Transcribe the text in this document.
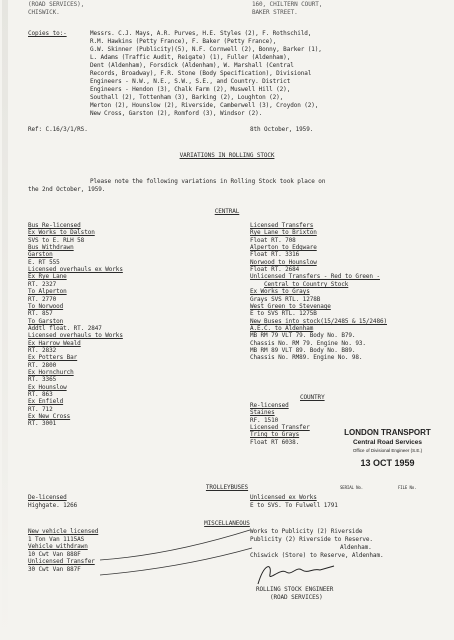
(ROAD SERVICES),
CHISWICK.
160, CHILTERN COURT,
BAKER STREET.
Copies to:-	Messrs. C.J. Mays, A.R. Purves, H.E. Styles (2), F. Rothschild,
R.M. Hawkins (Petty France), F. Baker (Petty France),
G.W. Skinner (Publicity)(5), N.F. Cornwell (2), Bonny, Barker (1),
L. Adams (Traffic Audit, Reigate) (1), Fuller (Aldenham),
Dent (Aldenham), Forsdick (Aldenham), W. Marshall (Central
Records, Broadway), F.R. Stone (Body Specification), Divisional
Engineers - N.W., N.E., S.W., S.E., and Country. District
Engineers - Hendon (3), Chalk Farm (2), Muswell Hill (2),
Southall (2), Tottenham (3), Barking (2), Loughton (2),
Merton (2), Hounslow (2), Riverside, Camberwell (3), Croydon (2),
New Cross, Garston (2), Romford (3), Windsor (2).
Ref: C.16/3/1/RS.	8th October, 1959.
VARIATIONS IN ROLLING STOCK
Please note the following variations in Rolling Stock took place on
the 2nd October, 1959.
CENTRAL
Bus Re-licensed
Ex Works to Dalston
SVS to E. RLH 58
Bus Withdrawn
Garston
E. RT 555
Licensed overhauls ex Works
Ex Rye Lane
RT. 2327
To Alperton
RT. 2770
To Norwood
RT. 857
To Garston
Addtl float. RT. 2847
Licensed overhauls to Works
Ex Harrow Weald
RT. 2832
Ex Potters Bar
RT. 2800
Ex Hornchurch
RT. 3365
Ex Hounslow
RT. 863
Ex Enfield
RT. 712
Ex New Cross
RT. 3001
Licensed Transfers
Rye Lane to Brixton
Float RT. 708
Alperton to Edgware
Float RT. 3316
Norwood to Hounslow
Float RT. 2684
Unlicensed Transfers - Red to Green -
Central to Country Stock
Ex Works to Grays
Grays SVS RTL. 1278B
West Green to Stevenage
E to SVS RTL. 1275B
New Buses into stock(15/2485 & 15/2486)
A.E.C. to Aldenham
MB RM 79 VLT 79. Body No. B79.
Chassis No. RM 79. Engine No. 93.
MB RM 89 VLT 89. Body No. B89.
Chassis No. RM89. Engine No. 98.
COUNTRY
Re-licensed
Staines
RF. 1510
Licensed Transfer
Tring to Grays
Float RT 6038.
LONDON TRANSPORT
Central Road Services
Office of Divisional Engineer (S.E.)
13 OCT 1959
SERIAL No.	FILE No.
TROLLEYBUSES
De-licensed
Highgate. 1266
Unlicensed ex Works
E to SVS. To Fulwell 1791
MISCELLANEOUS
New vehicle licensed
1 Ton Van 1115AS
Vehicle withdrawn
10 Cwt Van 888F
Unlicensed Transfer
30 Cwt Van 887F
Works to Publicity (2) Riverside
Publicity (2) Riverside to Reserve.
Aldenham.
Chiswick (Store) to Reserve, Aldenham.
ROLLING STOCK ENGINEER
(ROAD SERVICES)
